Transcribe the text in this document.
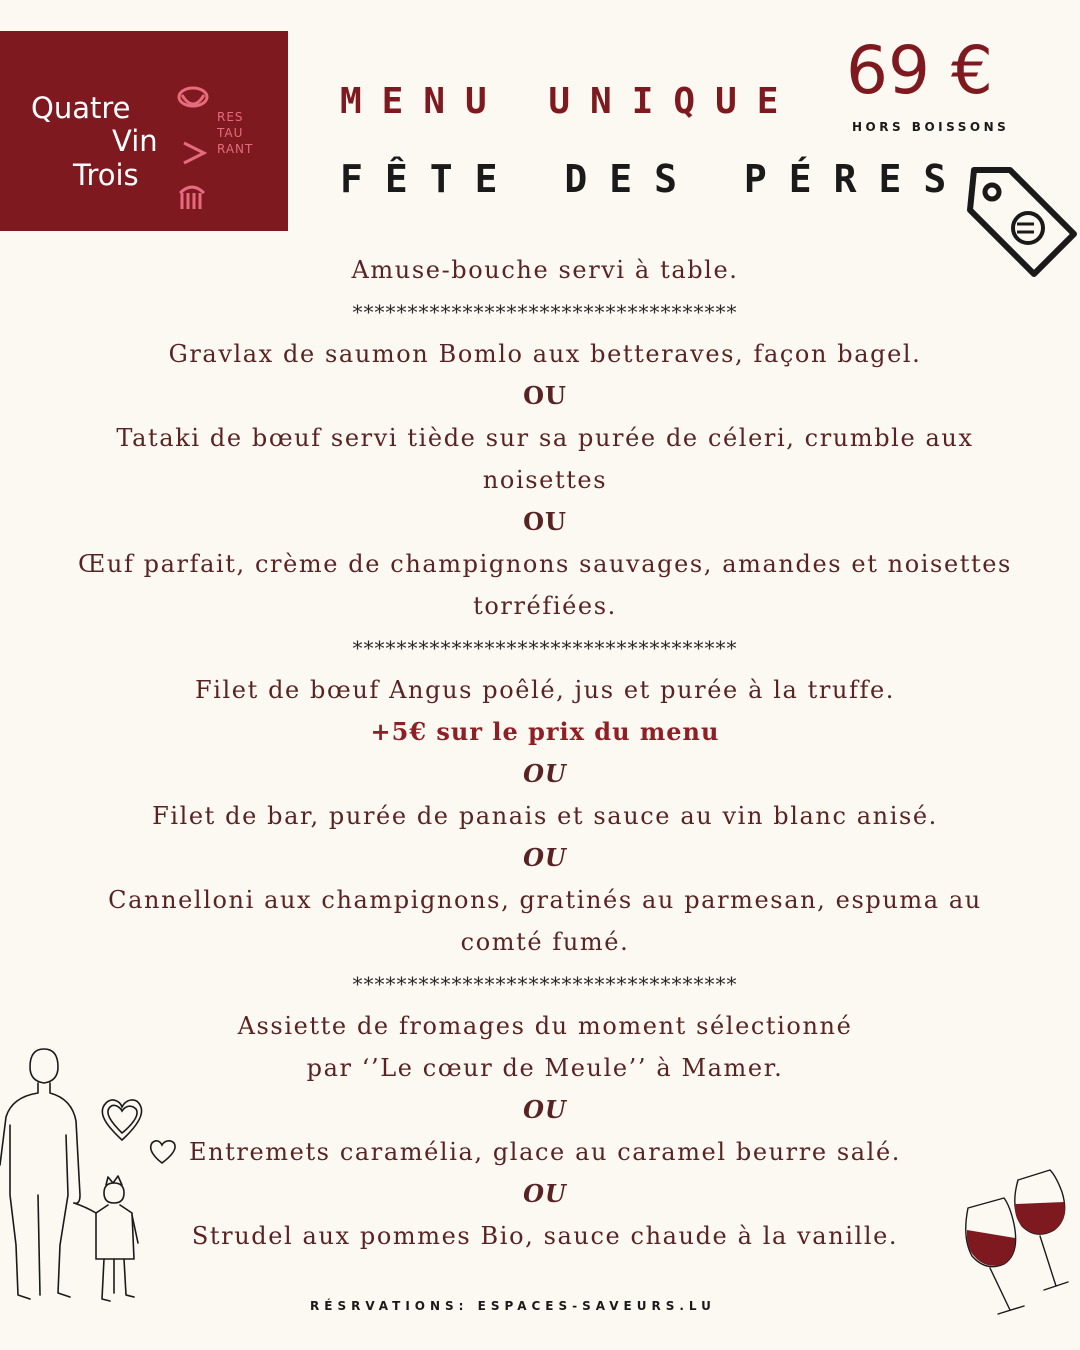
Quatre
Vin
Trois
RES
TAU
RANT
MENU UNIQUE
FÊTE DES PÉRES
69 €
HORS BOISSONS
Amuse-bouche servi à table.
***********************************
Gravlax de saumon Bomlo aux betteraves, façon bagel.
OU
Tataki de bœuf servi tiède sur sa purée de céleri, crumble aux
noisettes
OU
Œuf parfait, crème de champignons sauvages, amandes et noisettes
torréfiées.
***********************************
Filet de bœuf Angus poêlé, jus et purée à la truffe.
+5€ sur le prix du menu
OU
Filet de bar, purée de panais et sauce au vin blanc anisé.
OU
Cannelloni aux champignons, gratinés au parmesan, espuma au
comté fumé.
***********************************
Assiette de fromages du moment sélectionné
par ‘’Le cœur de Meule’’ à Mamer.
OU
Entremets caramélia, glace au caramel beurre salé.
OU
Strudel aux pommes Bio, sauce chaude à la vanille.
RÉSRVATIONS: ESPACES-SAVEURS.LU
